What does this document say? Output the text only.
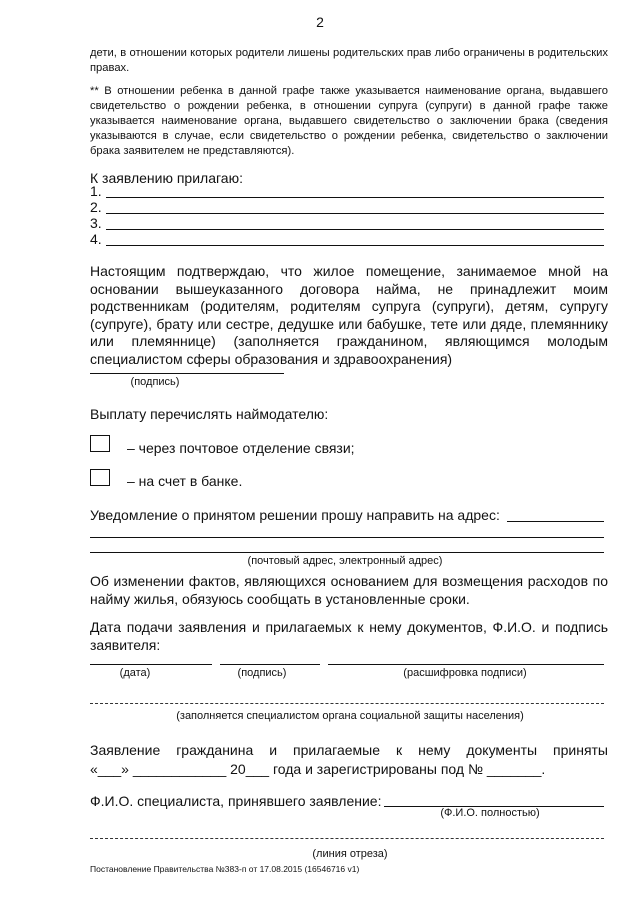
2
дети, в отношении которых родители лишены родительских прав либо ограничены в родительских правах.
** В отношении ребенка в данной графе также указывается наименование органа, выдавшего свидетельство о рождении ребенка, в отношении супруга (супруги) в данной графе также указывается наименование органа, выдавшего свидетельство о заключении брака (сведения указываются в случае, если свидетельство о рождении ребенка, свидетельство о заключении брака заявителем не представляются).
К заявлению прилагаю:
1.
2.
3.
4.
Настоящим подтверждаю, что жилое помещение, занимаемое мной на основании вышеуказанного договора найма, не принадлежит моим родственникам (родителям, родителям супруга (супруги), детям, супругу (супруге), брату или сестре, дедушке или бабушке, тете или дяде, племяннику или племяннице) (заполняется гражданином, являющимся молодым специалистом сферы образования и здравоохранения)
(подпись)
Выплату перечислять наймодателю:
– через почтовое отделение связи;
– на счет в банке.
Уведомление о принятом решении прошу направить на адрес:
(почтовый адрес, электронный адрес)
Об изменении фактов, являющихся основанием для возмещения расходов по найму жилья, обязуюсь сообщать в установленные сроки.
Дата подачи заявления и прилагаемых к нему документов, Ф.И.О. и подпись заявителя:
(дата)	(подпись)	(расшифровка подписи)
(заполняется специалистом органа социальной защиты населения)
Заявление гражданина и прилагаемые к нему документы приняты
«___» ____________ 20___ года и зарегистрированы под № _______.
Ф.И.О. специалиста, принявшего заявление:
(Ф.И.О. полностью)
(линия отреза)
Постановление Правительства №383-п от 17.08.2015 (16546716 v1)
